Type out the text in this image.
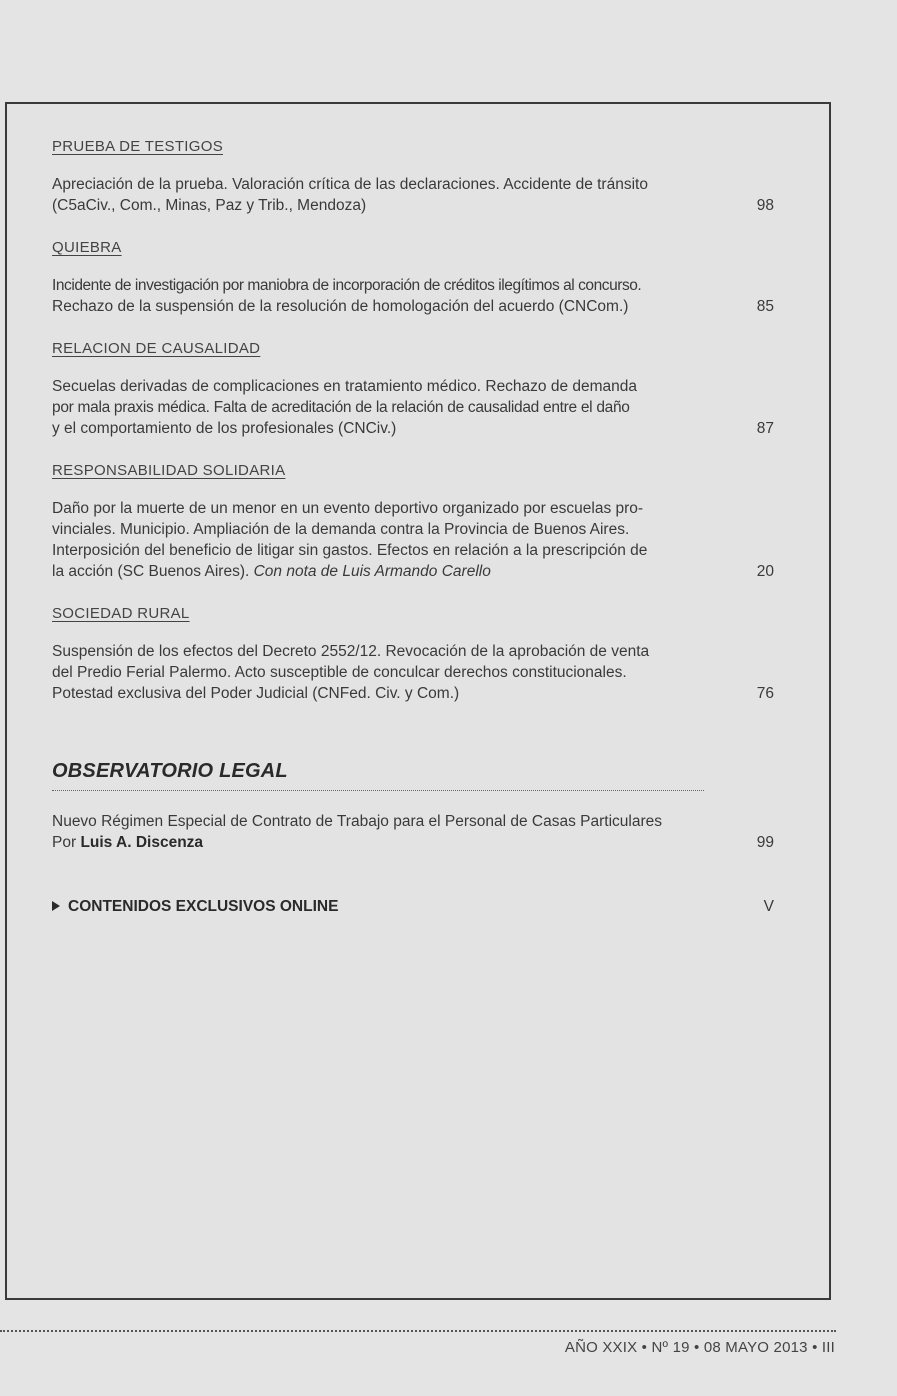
PRUEBA DE TESTIGOS
Apreciación de la prueba. Valoración crítica de las declaraciones. Accidente de tránsito
(C5aCiv., Com., Minas, Paz y Trib., Mendoza)	98
QUIEBRA
Incidente de investigación por maniobra de incorporación de créditos ilegítimos al concurso.
Rechazo de la suspensión de la resolución de homologación del acuerdo (CNCom.)	85
RELACION DE CAUSALIDAD
Secuelas derivadas de complicaciones en tratamiento médico. Rechazo de demanda
por mala praxis médica. Falta de acreditación de la relación de causalidad entre el daño
y el comportamiento de los profesionales (CNCiv.)	87
RESPONSABILIDAD SOLIDARIA
Daño por la muerte de un menor en un evento deportivo organizado por escuelas pro-
vinciales. Municipio. Ampliación de la demanda contra la Provincia de Buenos Aires.
Interposición del beneficio de litigar sin gastos. Efectos en relación a la prescripción de
la acción (SC Buenos Aires). Con nota de Luis Armando Carello	20
SOCIEDAD RURAL
Suspensión de los efectos del Decreto 2552/12. Revocación de la aprobación de venta
del Predio Ferial Palermo. Acto susceptible de conculcar derechos constitucionales.
Potestad exclusiva del Poder Judicial (CNFed. Civ. y Com.)	76
OBSERVATORIO LEGAL
Nuevo Régimen Especial de Contrato de Trabajo para el Personal de Casas Particulares
Por Luis A. Discenza	99
CONTENIDOS EXCLUSIVOS ONLINE	V
AÑO XXIX • Nº 19 • 08 MAYO 2013 • III
